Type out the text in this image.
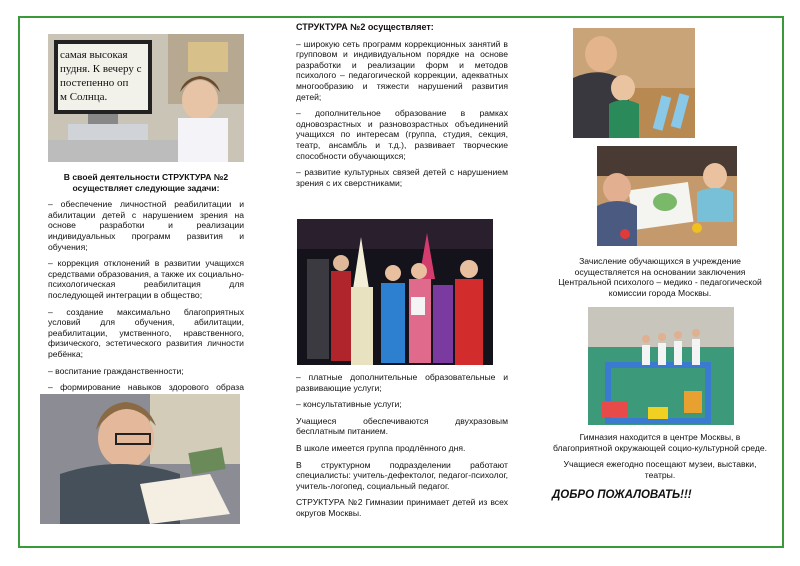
самая высокая
пудня. К вечеру с
постепенно оп
м Солнца.

В своей деятельности СТРУКТУРА №2 осуществляет следующие задачи:

– обеспечение личностной реабилитации и абилитации детей с нарушением зрения на основе разработки и реализации индивидуальных программ развития и обучения;

– коррекция отклонений в развитии учащихся средствами образования, а также их социально-психологическая реабилитация для последующей интеграции в общество;

– создание максимально благоприятных условий для обучения, абилитации, реабилитации, умственного, нравственного, физического, эстетического развития личности ребёнка;

– воспитание гражданственности;

– формирование навыков здорового образа

СТРУКТУРА №2 осуществляет:

– широкую сеть программ коррекционных занятий в групповом и индивидуальном порядке на основе разработки и реализации форм и методов психолого – педагогической коррекции, адекватных многообразию и тяжести нарушений развития детей;

– дополнительное образование в рамках одновозрастных и разновозрастных объединений учащихся по интересам (группа, студия, секция, театр, ансамбль и т.д.), развивает творческие способности обучающихся;

– развитие культурных связей детей с нарушением зрения с их сверстниками;

– платные дополнительные образовательные и развивающие услуги;

– консультативные услуги;

Учащиеся обеспечиваются двухразовым бесплатным питанием.

В школе имеется группа продлённого дня.

В структурном подразделении работают специалисты: учитель-дефектолог, педагог-психолог, учитель-логопед, социальный педагог.

СТРУКТУРА №2 Гимназии принимает детей из всех округов Москвы.

Зачисление обучающихся в учреждение осуществляется на основании заключения Центральной психолого – медико - педагогической комиссии города Москвы.

Гимназия находится в центре Москвы, в благоприятной окружающей социо-культурной среде.

Учащиеся ежегодно посещают музеи, выставки, театры.

ДОБРО ПОЖАЛОВАТЬ!!!
